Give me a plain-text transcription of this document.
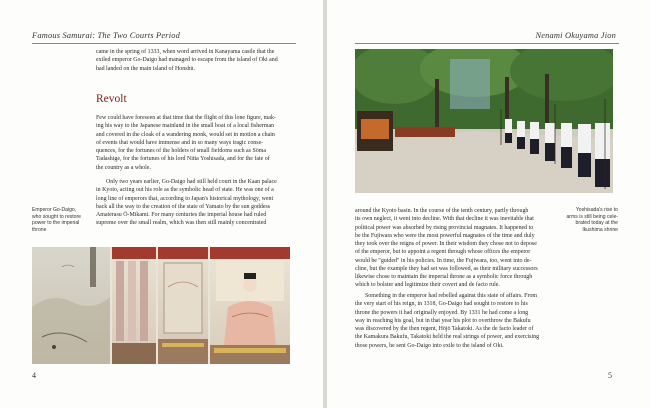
Famous Samurai: The Two Courts Period	Nenami Okuyama Jion

came in the spring of 1333, when word arrived in Kanayama castle that the

exiled emperor Go-Daigo had managed to escape from the island of Oki and

had landed on the main island of Honshū.

Revolt

Few could have foreseen at that time that the flight of this lone figure, mak-

ing his way to the Japanese mainland in the small boat of a local fisherman

and covered in the cloak of a wandering monk, would set in motion a chain

of events that would have immense and in so many ways tragic conse-

quences, for the fortunes of the holders of small fiefdoms such as Sōma

Tadashige, for the fortunes of his lord Nitta Yoshisada, and for the fate of

the country as a whole.

Only two years earlier, Go-Daigo had still held court in the Kaan palace

in Kyoto, acting out his role as the symbolic head of state. He was one of a

long line of emperors that, according to Japan's historical mythology, went

back all the way to the creation of the state of Yamato by the sun goddess

Amaterasu Ō-Mikami. For many centuries the imperial house had ruled

supreme over the small realm, which was then still mainly concentrated

Emperor Go-Daigo,
who sought to restore
power to the imperial
throne
4
Yoshisada's rise to
arms is still being cele-
brated today at the
Ikushima shrine

around the Kyoto basin. In the course of the tenth century, partly through

its own neglect, it went into decline. With that decline it was inevitable that

political power was absorbed by rising provincial magnates. It happened to

be the Fujiwara who were the most powerful magnates of the time and duly

they took over the reigns of power. In their wisdom they chose not to depose

of the emperor, but to appoint a regent through whose offices the emperor

would be "guided" in his policies. In time, the Fujiwara, too, went into de-

cline, but the example they had set was followed, as their military successors

likewise chose to maintain the imperial throne as a symbolic force through

which to bolster and legitimize their covert and de facto rule.

Something in the emperor had rebelled against this state of affairs. From

the very start of his reign, in 1318, Go-Daigo had sought to restore to his

throne the powers it had originally enjoyed. By 1331 he had come a long

way in reaching his goal, but in that year his plot to overthrow the Bakufu

was discovered by the then regent, Hōjō Takatoki. As the de facto leader of

the Kamakura Bakufu, Takatoki held the real strings of power, and exercising

those powers, he sent Go-Daigo into exile to the island of Oki.

5
